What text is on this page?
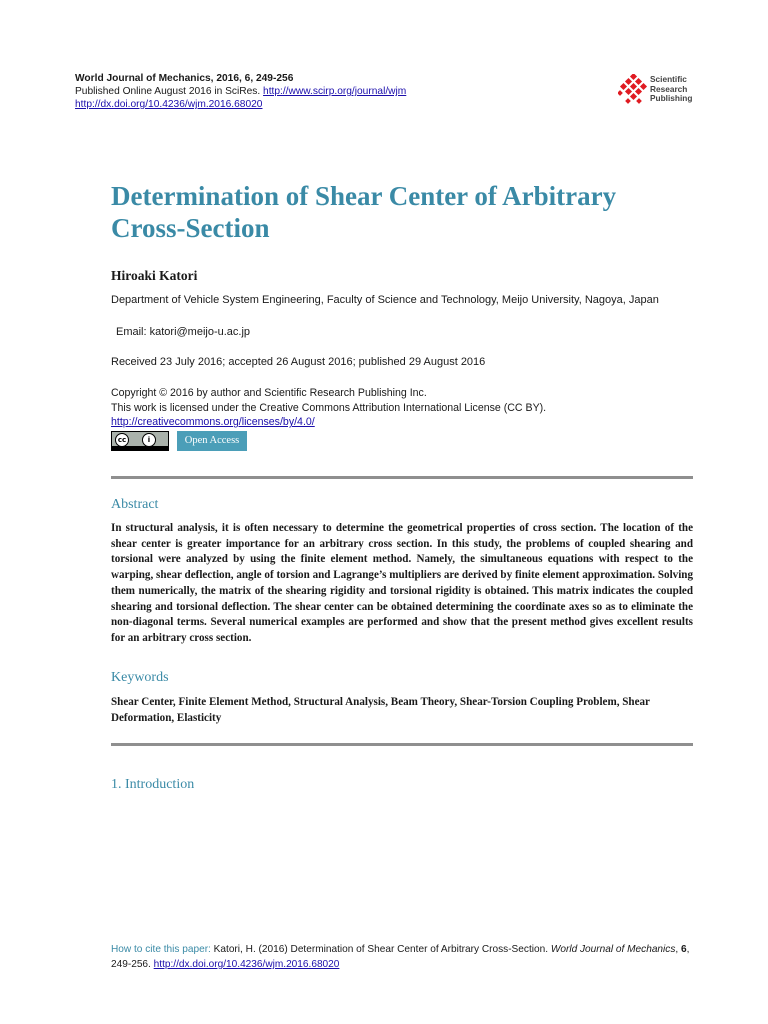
World Journal of Mechanics, 2016, 6, 249-256
Published Online August 2016 in SciRes. http://www.scirp.org/journal/wjm
http://dx.doi.org/10.4236/wjm.2016.68020
Scientific
Research
Publishing
Determination of Shear Center of Arbitrary
Cross-Section
Hiroaki Katori
Department of Vehicle System Engineering, Faculty of Science and Technology, Meijo University, Nagoya, Japan
Email: katori@meijo-u.ac.jp
Received 23 July 2016; accepted 26 August 2016; published 29 August 2016
Copyright © 2016 by author and Scientific Research Publishing Inc.
This work is licensed under the Creative Commons Attribution International License (CC BY).
http://creativecommons.org/licenses/by/4.0/
cc	i	Open Access
Abstract

In structural analysis, it is often necessary to determine the geometrical properties of cross section. The location of the shear center is greater importance for an arbitrary cross section. In this study, the problems of coupled shearing and torsional were analyzed by using the finite element method. Namely, the simultaneous equations with respect to the warping, shear deflection, angle of torsion and Lagrange’s multipliers are derived by finite element approximation. Solving them numerically, the matrix of the shearing rigidity and torsional rigidity is obtained. This matrix indicates the coupled shearing and torsional deflection. The shear center can be obtained determining the coordinate axes so as to eliminate the non-diagonal terms. Several numerical examples are performed and show that the present method gives excellent results for an arbitrary cross section.

Keywords

Shear Center, Finite Element Method, Structural Analysis, Beam Theory, Shear-Torsion Coupling Problem, Shear Deformation, Elasticity

1. Introduction
How to cite this paper: Katori, H. (2016) Determination of Shear Center of Arbitrary Cross-Section. World Journal of Mechanics, 6, 249-256. http://dx.doi.org/10.4236/wjm.2016.68020
